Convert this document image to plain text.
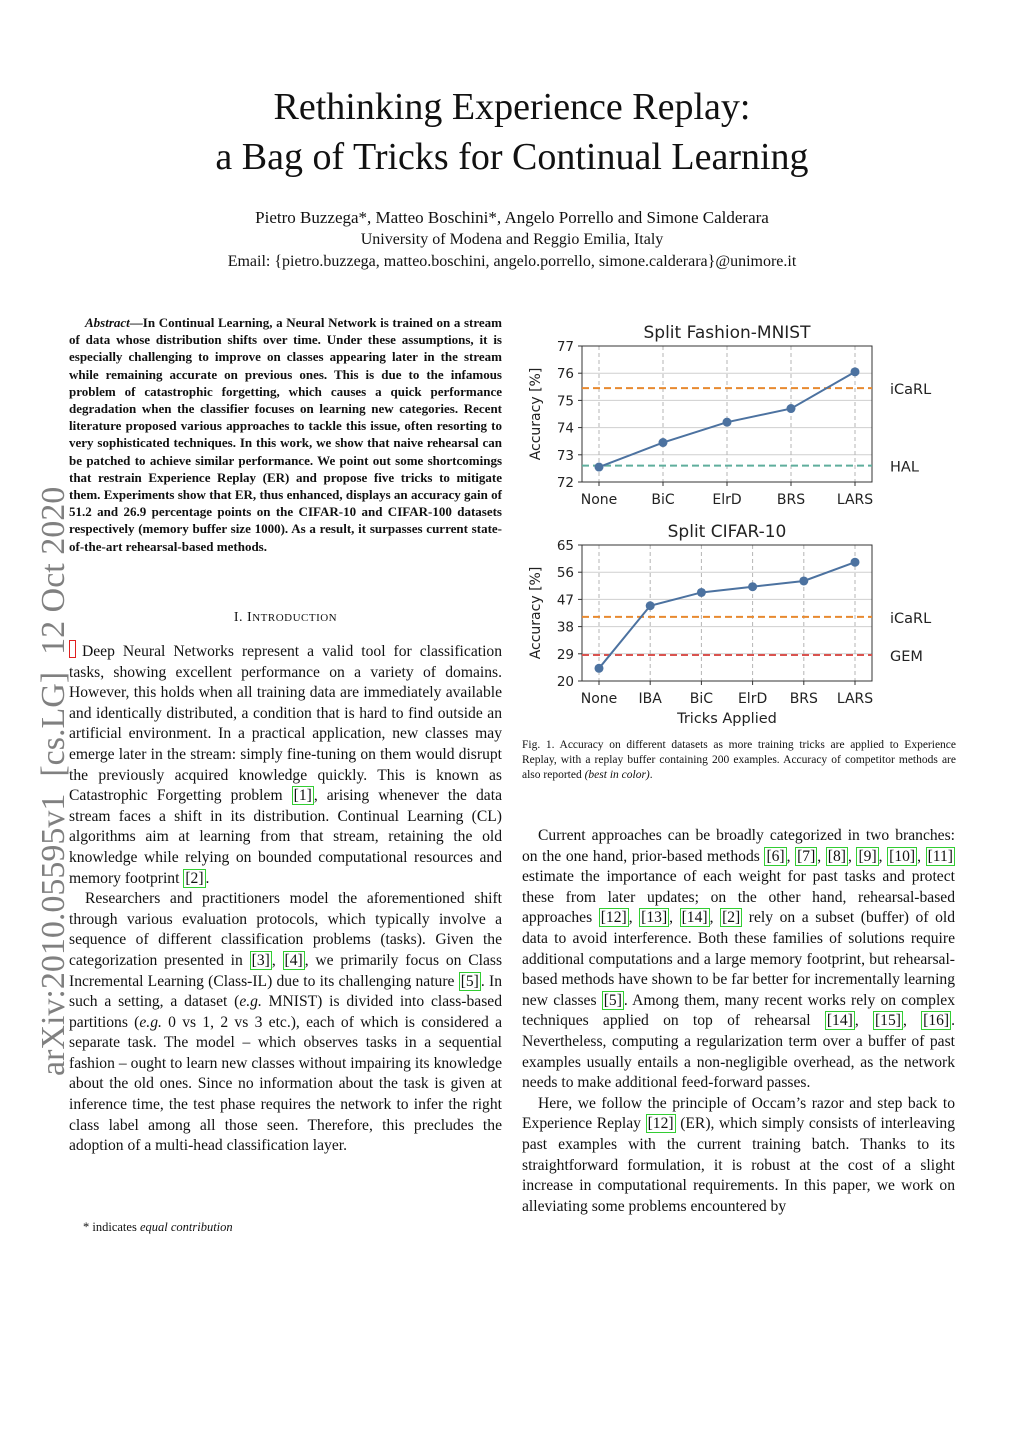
arXiv:2010.05595v1  [cs.LG]  12 Oct 2020
Rethinking Experience Replay:
a Bag of Tricks for Continual Learning
Pietro Buzzega*, Matteo Boschini*, Angelo Porrello and Simone Calderara
University of Modena and Reggio Emilia, Italy
Email: {pietro.buzzega, matteo.boschini, angelo.porrello, simone.calderara}@unimore.it
Abstract—In Continual Learning, a Neural Network is trained on a stream of data whose distribution shifts over time. Under these assumptions, it is especially challenging to improve on classes appearing later in the stream while remaining accurate on previous ones. This is due to the infamous problem of catastrophic forgetting, which causes a quick performance degradation when the classifier focuses on learning new categories. Recent literature proposed various approaches to tackle this issue, often resorting to very sophisticated techniques. In this work, we show that naive rehearsal can be patched to achieve similar performance. We point out some shortcomings that restrain Experience Replay (ER) and propose five tricks to mitigate them. Experiments show that ER, thus enhanced, displays an accuracy gain of 51.2 and 26.9 percentage points on the CIFAR-10 and CIFAR-100 datasets respectively (memory buffer size 1000). As a result, it surpasses current state-of-the-art rehearsal-based methods.
I. INTRODUCTION

Deep Neural Networks represent a valid tool for classification tasks, showing excellent performance on a variety of domains. However, this holds when all training data are immediately available and identically distributed, a condition that is hard to find outside an artificial environment. In a practical application, new classes may emerge later in the stream: simply fine-tuning on them would disrupt the previously acquired knowledge quickly. This is known as Catastrophic Forgetting problem [1] , arising whenever the data stream faces a shift in its distribution. Continual Learning (CL) algorithms aim at learning from that stream, retaining the old knowledge while relying on bounded computational resources and memory footprint [2] .

Researchers and practitioners model the aforementioned shift through various evaluation protocols, which typically involve a sequence of different classification problems (tasks). Given the categorization presented in [3] , [4] , we primarily focus on Class Incremental Learning (Class-IL) due to its challenging nature [5] . In such a setting, a dataset (e.g. MNIST) is divided into class-based partitions (e.g. 0 vs 1, 2 vs 3 etc.), each of which is considered a separate task. The model – which observes tasks in a sequential fashion – ought to learn new classes without impairing its knowledge about the old ones. Since no information about the task is given at inference time, the test phase requires the network to infer the right class label among all those seen. Therefore, this precludes the adoption of a multi-head classification layer.

* indicates equal contribution
Split Fashion-MNIST
72
73
74
75
76
77
None BiC	ElrD	BRS LARS
iCaRL
HAL
Accuracy [%]
Split CIFAR-10
20
29
38
47
56
65
None IBA BiC ElrD BRS LARS
iCaRL
GEM
Accuracy [%]
Tricks Applied
Fig. 1. Accuracy on different datasets as more training tricks are applied to Experience Replay, with a replay buffer containing 200 examples. Accuracy of competitor methods are also reported (best in color).

Current approaches can be broadly categorized in two branches: on the one hand, prior-based methods [6] , [7] , [8] , [9] , [10] , [11] estimate the importance of each weight for past tasks and protect these from later updates; on the other hand, rehearsal-based approaches [12] , [13] , [14] , [2] rely on a subset (buffer) of old data to avoid interference. Both these families of solutions require additional computations and a large memory footprint, but rehearsal-based methods have shown to be far better for incrementally learning new classes [5] . Among them, many recent works rely on complex techniques applied on top of rehearsal [14] , [15] , [16] . Nevertheless, computing a regularization term over a buffer of past examples usually entails a non-negligible overhead, as the network needs to make additional feed-forward passes.

Here, we follow the principle of Occam’s razor and step back to Experience Replay [12] (ER), which simply consists of interleaving past examples with the current training batch. Thanks to its straightforward formulation, it is robust at the cost of a slight increase in computational requirements. In this paper, we work on alleviating some problems encountered by
